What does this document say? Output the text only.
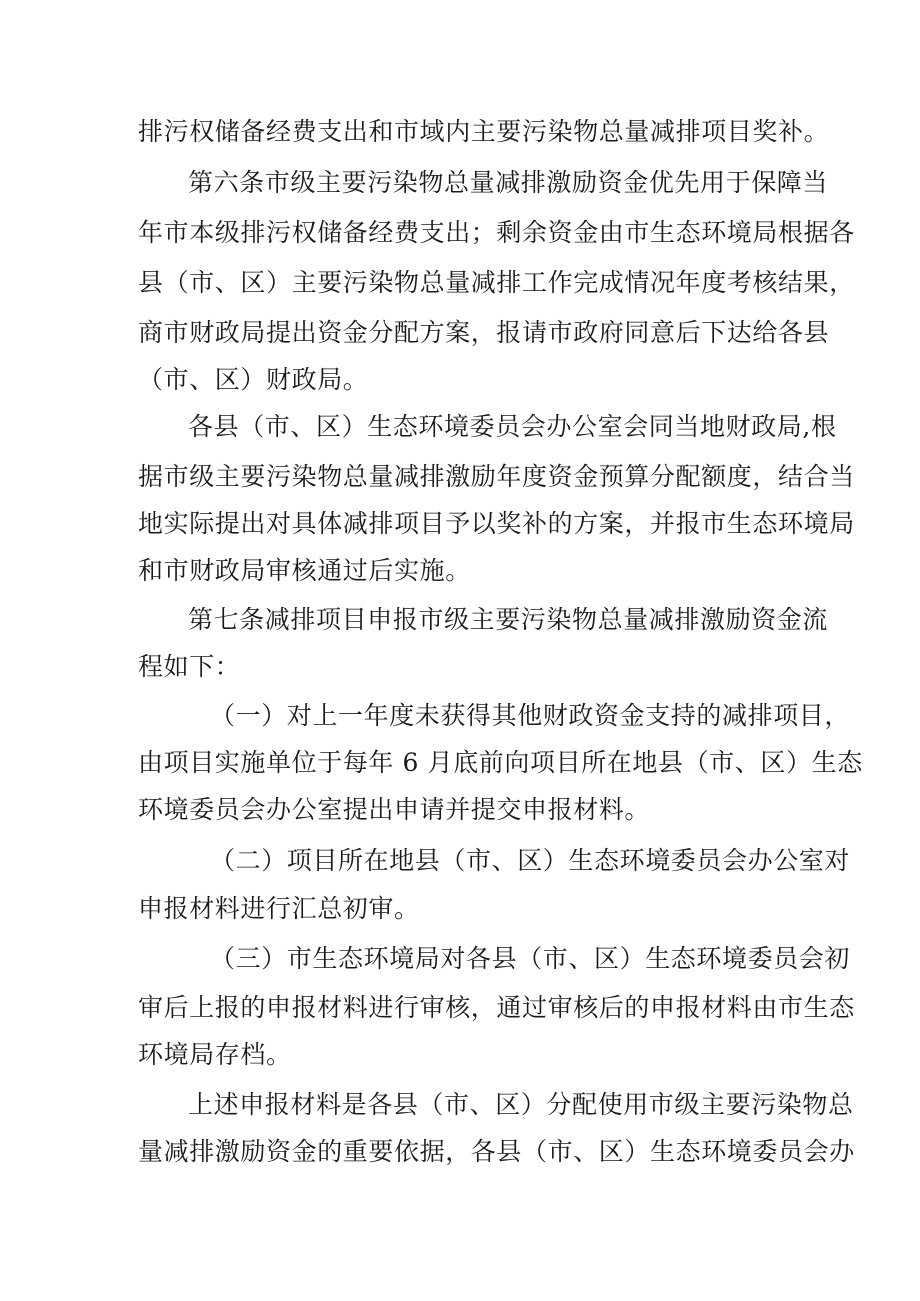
排污权储备经费支出和市域内主要污染物总量减排项目奖补。
第六条市级主要污染物总量减排激励资金优先用于保障当
年市本级排污权储备经费支出；剩余资金由市生态环境局根据各
县（市、区）主要污染物总量减排工作完成情况年度考核结果，
商市财政局提出资金分配方案，报请市政府同意后下达给各县
（市、区）财政局。
各县（市、区）生态环境委员会办公室会同当地财政局,根
据市级主要污染物总量减排激励年度资金预算分配额度，结合当
地实际提出对具体减排项目予以奖补的方案，并报市生态环境局
和市财政局审核通过后实施。
第七条减排项目申报市级主要污染物总量减排激励资金流
程如下：
（一）对上一年度未获得其他财政资金支持的减排项目，
由项目实施单位于每年 6 月底前向项目所在地县（市、区）生态
环境委员会办公室提出申请并提交申报材料。
（二）项目所在地县（市、区）生态环境委员会办公室对
申报材料进行汇总初审。
（三）市生态环境局对各县（市、区）生态环境委员会初
审后上报的申报材料进行审核，通过审核后的申报材料由市生态
环境局存档。
上述申报材料是各县（市、区）分配使用市级主要污染物总
量减排激励资金的重要依据，各县（市、区）生态环境委员会办
